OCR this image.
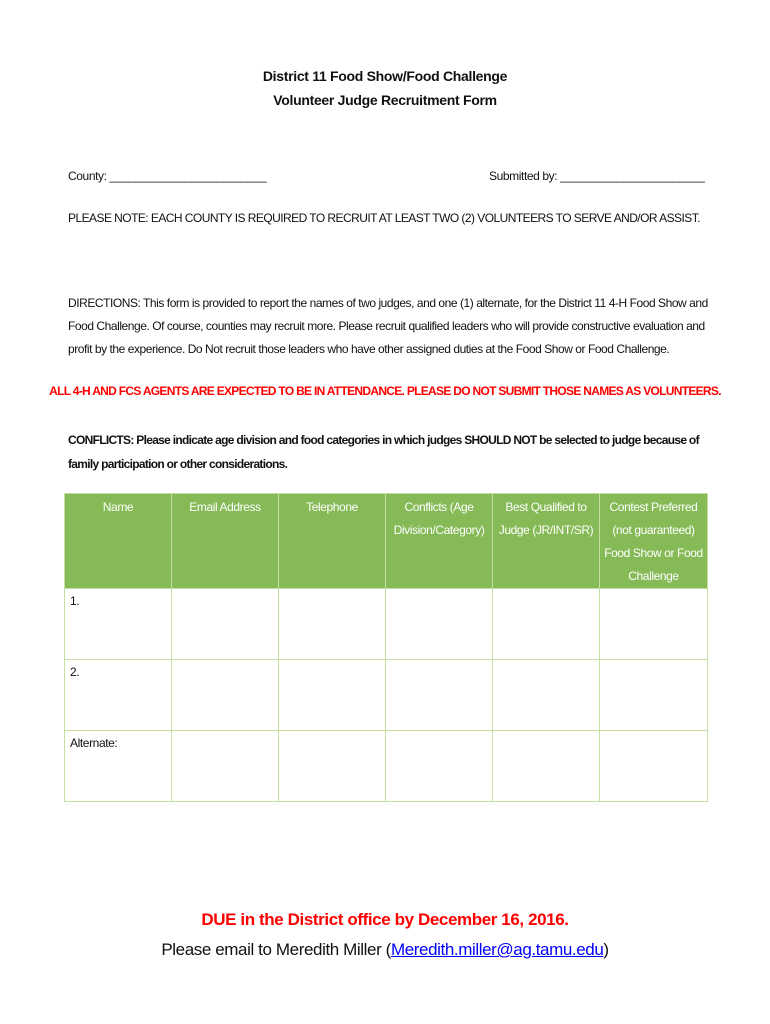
District 11 Food Show/Food Challenge
Volunteer Judge Recruitment Form
County: _________________________	Submitted by: _______________________
PLEASE NOTE: EACH COUNTY IS REQUIRED TO RECRUIT AT LEAST TWO (2) VOLUNTEERS TO SERVE AND/OR ASSIST.
DIRECTIONS: This form is provided to report the names of two judges, and one (1) alternate, for the District 11 4-H Food Show and Food Challenge. Of course, counties may recruit more. Please recruit qualified leaders who will provide constructive evaluation and profit by the experience. Do Not recruit those leaders who have other assigned duties at the Food Show or Food Challenge.
ALL 4-H AND FCS AGENTS ARE EXPECTED TO BE IN ATTENDANCE. PLEASE DO NOT SUBMIT THOSE NAMES AS VOLUNTEERS.
CONFLICTS: Please indicate age division and food categories in which judges SHOULD NOT be selected to judge because of family participation or other considerations.
Name	Email Address	Telephone	Conflicts (Age Division/Category)	Best Qualified to Judge (JR/INT/SR)	Contest Preferred (not guaranteed) Food Show or Food Challenge
1.					
2.					
Alternate:					
DUE in the District office by December 16, 2016.
Please email to Meredith Miller (Meredith.miller@ag.tamu.edu)
